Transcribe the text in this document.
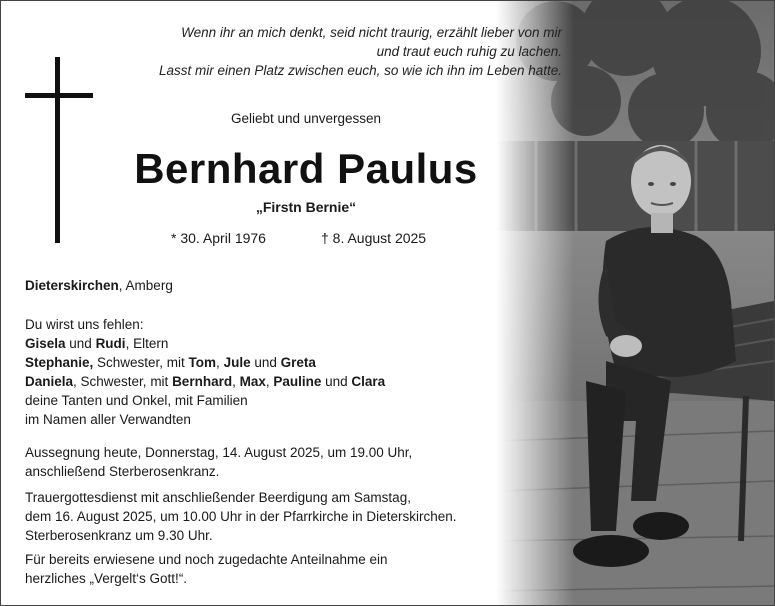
Wenn ihr an mich denkt, seid nicht traurig, erzählt lieber von mir
und traut euch ruhig zu lachen.
Lasst mir einen Platz zwischen euch, so wie ich ihn im Leben hatte.
Geliebt und unvergessen
Bernhard Paulus
„Firstn Bernie“
* 30. April 1976	† 8. August 2025
Dieterskirchen, Amberg
Du wirst uns fehlen:
Gisela und Rudi, Eltern
Stephanie, Schwester, mit Tom, Jule und Greta
Daniela, Schwester, mit Bernhard, Max, Pauline und Clara
deine Tanten und Onkel, mit Familien
im Namen aller Verwandten
Aussegnung heute, Donnerstag, 14. August 2025, um 19.00 Uhr,
anschließend Sterberosenkranz.
Trauergottesdienst mit anschließender Beerdigung am Samstag,
dem 16. August 2025, um 10.00 Uhr in der Pfarrkirche in Dieterskirchen.
Sterberosenkranz um 9.30 Uhr.
Für bereits erwiesene und noch zugedachte Anteilnahme ein
herzliches „Vergelt‘s Gott!“.
